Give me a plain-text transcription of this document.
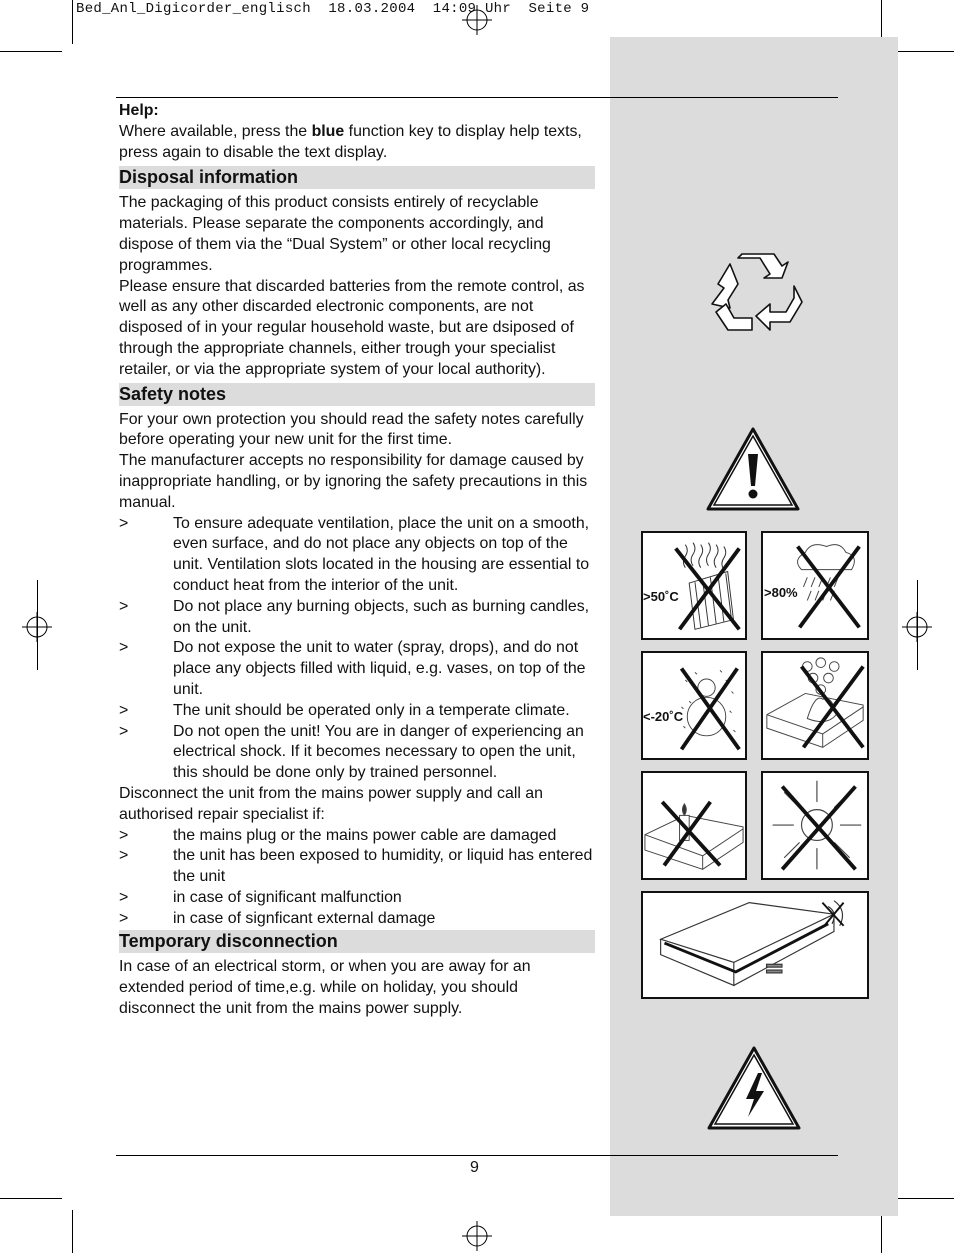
Bed_Anl_Digicorder_englisch  18.03.2004  14:09 Uhr  Seite 9

Help:

Where available, press the blue function key to display help texts, press again to disable the text display.

Disposal information

The packaging of this product consists entirely of recyclable materials. Please separate the components accordingly, and dispose of them via the “Dual System” or other local recycling programmes.

Please ensure that discarded batteries from the remote control, as well as any other discarded electronic components, are not disposed of in your regular household waste, but are dsiposed of through the appropriate channels, either trough your specialist retailer, or via the appropriate system of your local authority).

Safety notes

For your own protection you should read the safety notes carefully before operating your new unit for the first time.

The manufacturer accepts no responsibility for damage caused by inappropriate handling, or by ignoring the safety precautions in this manual.

>	To ensure adequate ventilation, place the unit on a smooth, even surface, and do not place any objects on top of the unit. Ventilation slots located in the housing are essential to conduct heat from the interior of the unit.
>	Do not place any burning objects, such as burning candles, on the unit.
>	Do not expose the unit to water (spray, drops), and do not place any objects filled with liquid, e.g. vases, on top of the unit.
>	The unit should be operated only in a temperate climate.
>	Do not open the unit! You are in danger of experiencing an electrical shock. If it becomes necessary to open the unit, this should be done only by trained personnel.

Disconnect the unit from the mains power supply and call an authorised repair specialist if:

>	the mains plug or the mains power cable are damaged
>	the unit has been exposed to humidity, or liquid has entered the unit
>	in case of significant malfunction
>	in case of signficant external damage
Temporary disconnection

In case of an electrical storm, or when you are away for an extended period of time,e.g. while on holiday, you should disconnect the unit from the mains power supply.

9
>50˚C	>80%
<-20˚C
